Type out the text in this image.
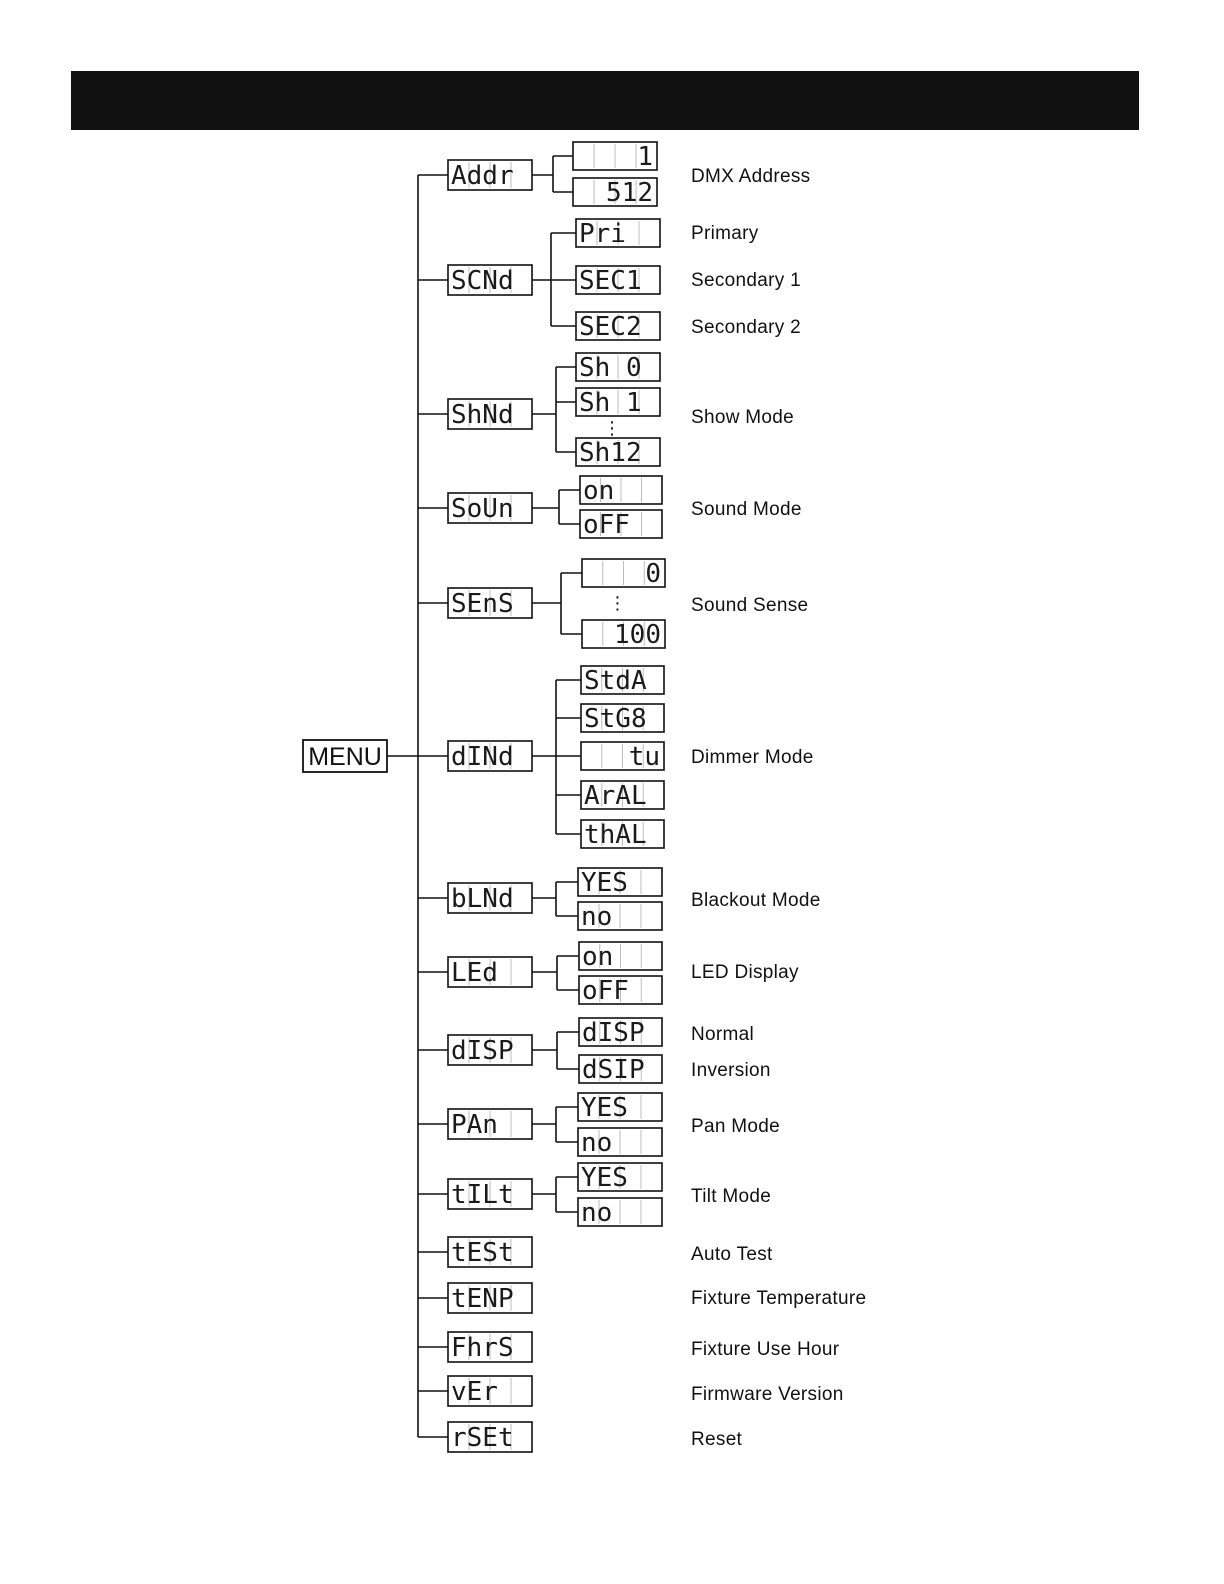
MENU
Addr
1
512
DMX Address
SCNd
Pri
SEC1
SEC2
Primary
Secondary 1
Secondary 2
ShNd
Sh 0
Sh 1
Sh12
⋮
Show Mode
SoUn
on
oFF
Sound Mode
SEnS
0
100
⋮	Sound Sense
dINd
StdA
StG8
tu
ArAL
thAL
Dimmer Mode
bLNd
YES
no
Blackout Mode
LEd
on
oFF
LED Display
dISP
dISP
dSIP
Normal
Inversion
PAn
YES
no
Pan Mode
tILt
YES
no
Tilt Mode
tESt	Auto Test
tENP	Fixture Temperature
FhrS	Fixture Use Hour
vEr	Firmware Version
rSEt	Reset
